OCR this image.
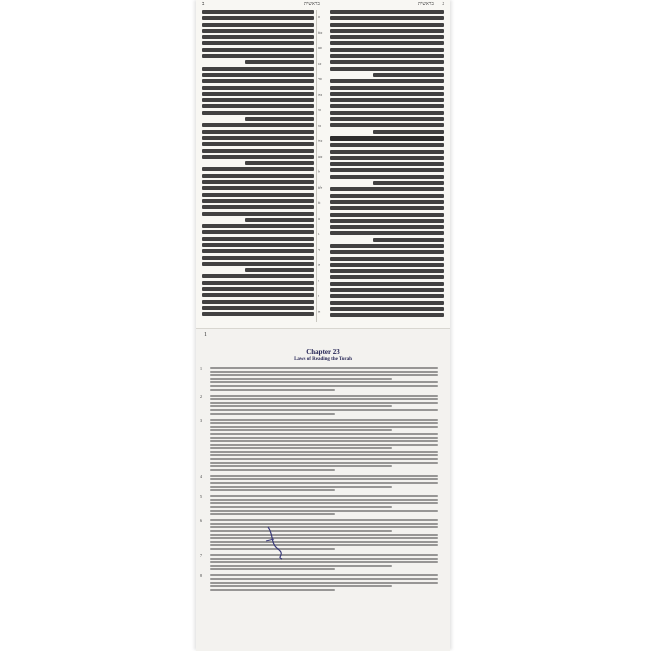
ב	בראשית	בראשית ג
כ
כא
כב
כג
כד
כה
כו
כז
כח
כט
ל
לא
א
ב
ג
ד
ה
ו
ז
ח
1
Chapter 23
Laws of Reading the Torah
1
2
3
4
5
6
7
8
